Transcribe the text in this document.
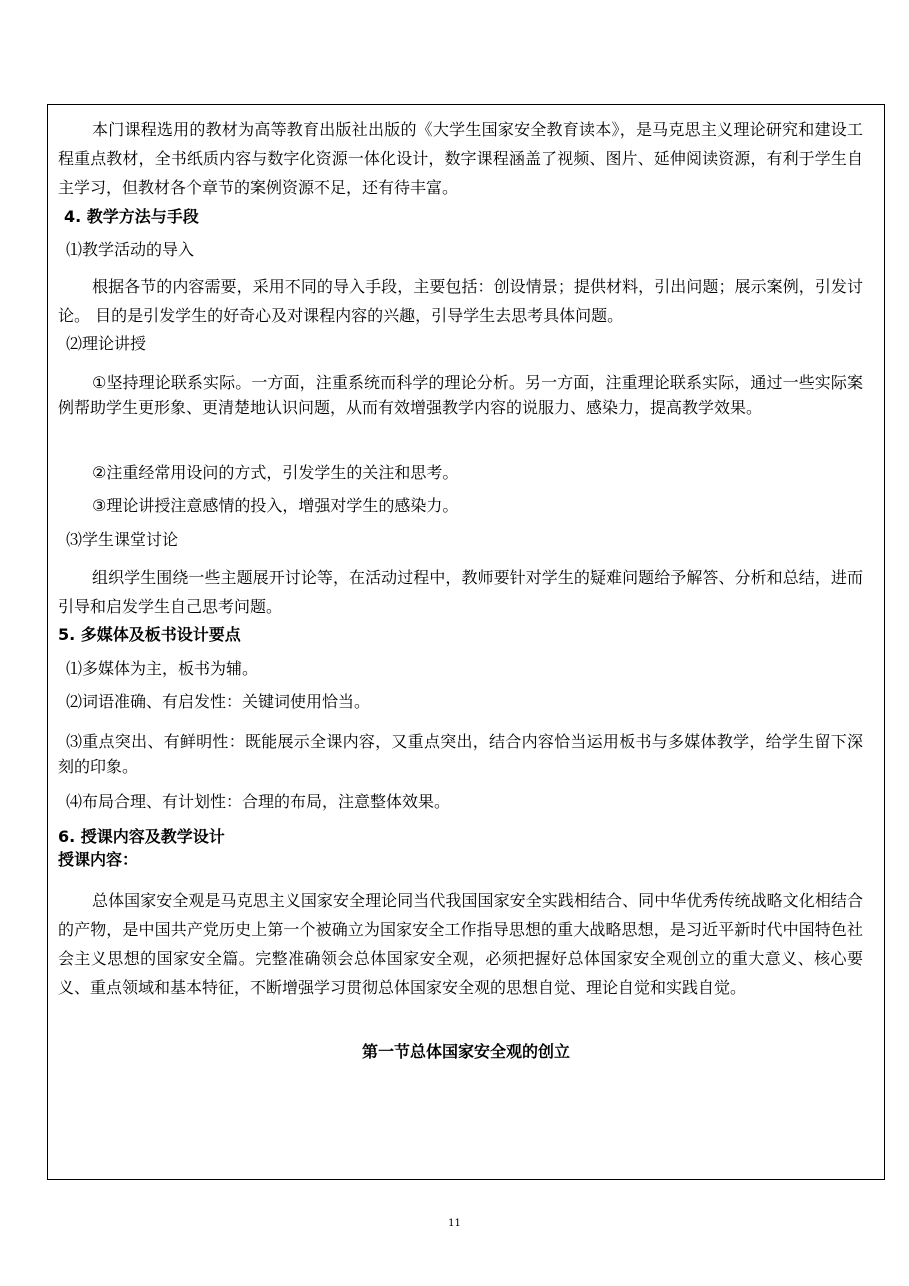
本门课程选用的教材为高等教育出版社出版的《大学生国家安全教育读本》，是马克思主义理论研究和建设工程重点教材，全书纸质内容与数字化资源一体化设计，数字课程涵盖了视频、图片、延伸阅读资源，有利于学生自主学习，但教材各个章节的案例资源不足，还有待丰富。
4. 教学方法与手段
⑴教学活动的导入
根据各节的内容需要，采用不同的导入手段，主要包括：创设情景；提供材料，引出问题；展示案例，引发讨论。 目的是引发学生的好奇心及对课程内容的兴趣，引导学生去思考具体问题。
⑵理论讲授
①坚持理论联系实际。一方面，注重系统而科学的理论分析。另一方面，注重理论联系实际，通过一些实际案例帮助学生更形象、更清楚地认识问题，从而有效增强教学内容的说服力、感染力，提高教学效果。
②注重经常用设问的方式，引发学生的关注和思考。
③理论讲授注意感情的投入，增强对学生的感染力。
⑶学生课堂讨论
组织学生围绕一些主题展开讨论等，在活动过程中，教师要针对学生的疑难问题给予解答、分析和总结，进而引导和启发学生自己思考问题。
5. 多媒体及板书设计要点
⑴多媒体为主，板书为辅。
⑵词语准确、有启发性：关键词使用恰当。
⑶重点突出、有鲜明性：既能展示全课内容，又重点突出，结合内容恰当运用板书与多媒体教学，给学生留下深刻的印象。
⑷布局合理、有计划性：合理的布局，注意整体效果。
6. 授课内容及教学设计
授课内容：
总体国家安全观是马克思主义国家安全理论同当代我国国家安全实践相结合、同中华优秀传统战略文化相结合的产物，是中国共产党历史上第一个被确立为国家安全工作指导思想的重大战略思想，是习近平新时代中国特色社会主义思想的国家安全篇。完整准确领会总体国家安全观，必须把握好总体国家安全观创立的重大意义、核心要义、重点领域和基本特征，不断增强学习贯彻总体国家安全观的思想自觉、理论自觉和实践自觉。
第一节总体国家安全观的创立
11
